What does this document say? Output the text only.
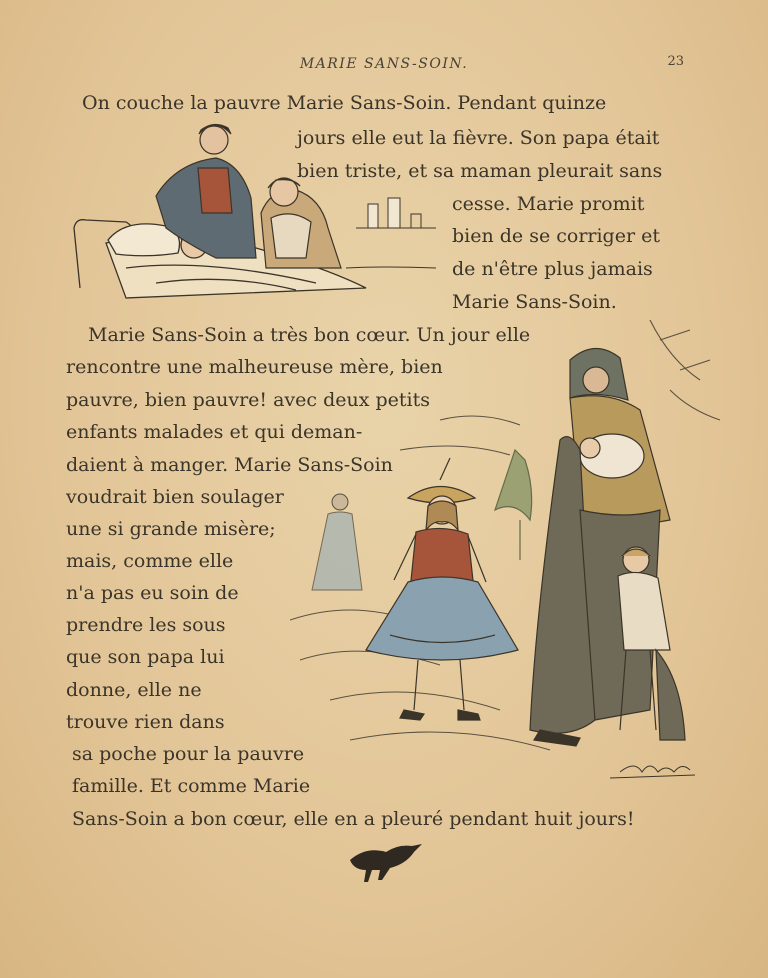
MARIE SANS-SOIN.	23
On couche la pauvre Marie Sans-Soin. Pendant quinze
jours elle eut la fièvre. Son papa était
bien triste, et sa maman pleurait sans
cesse. Marie promit
bien de se corriger et
de n'être plus jamais
Marie Sans-Soin.
Marie Sans-Soin a très bon cœur. Un jour elle
rencontre une malheureuse mère, bien
pauvre, bien pauvre! avec deux petits
enfants malades et qui deman-
daient à manger. Marie Sans-Soin
voudrait bien soulager
une si grande misère;
mais, comme elle
n'a pas eu soin de
prendre les sous
que son papa lui
donne, elle ne
trouve rien dans
sa poche pour la pauvre
famille. Et comme Marie
Sans-Soin a bon cœur, elle en a pleuré pendant huit jours!
